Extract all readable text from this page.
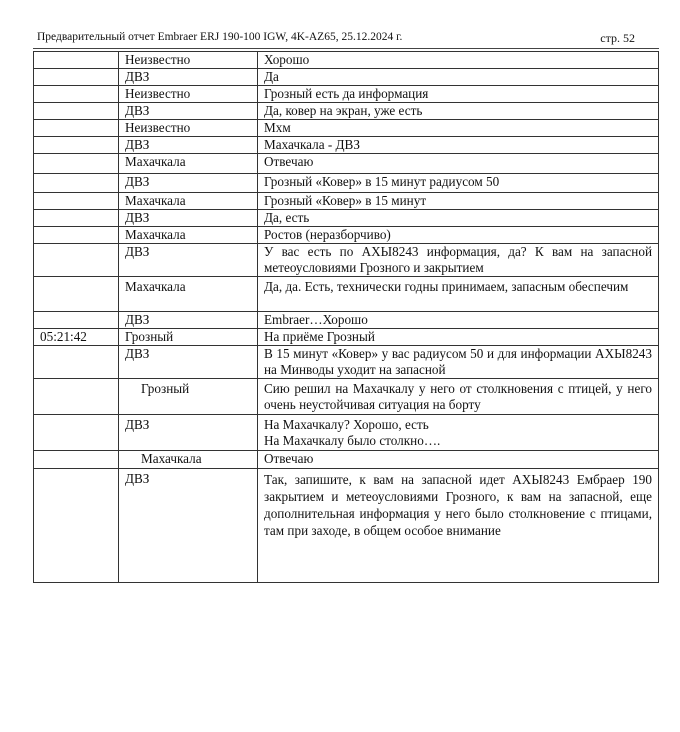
Предварительный отчет Embraer ERJ 190-100 IGW, 4K-AZ65, 25.12.2024 г.	стр. 52
	Неизвестно	Хорошо
	ДВЗ	Да
	Неизвестно	Грозный есть да информация
	ДВЗ	Да, ковер на экран, уже есть
	Неизвестно	Мхм
	ДВЗ	Махачкала - ДВЗ
	Махачкала	Отвечаю
	ДВЗ	Грозный «Ковер» в 15 минут радиусом 50
	Махачкала	Грозный «Ковер» в 15 минут
	ДВЗ	Да, есть
	Махачкала	Ростов (неразборчиво)
	ДВЗ	У вас есть по АХЫ8243 информация, да? К вам на запасной метеоусловиями Грозного и закрытием
	Махачкала	Да, да. Есть, технически годны принимаем, запасным обеспечим
	ДВЗ	Embraer…Хорошо
05:21:42	Грозный	На приёме Грозный
	ДВЗ	В 15 минут «Ковер» у вас радиусом 50 и для информации АХЫ8243 на Минводы уходит на запасной
	Грозный	Сию решил на Махачкалу у него от столкновения с птицей, у него очень неустойчивая ситуация на борту
	ДВЗ	На Махачкалу? Хорошо, есть
На Махачкалу было столкно….

	Махачкала	Отвечаю
	ДВЗ	Так, запишите, к вам на запасной идет АХЫ8243 Ембраер 190 закрытием и метеоусловиями Грозного, к вам на запасной, еще дополнительная информация у него было столкновение с птицами, там при заходе, в общем особое внимание
